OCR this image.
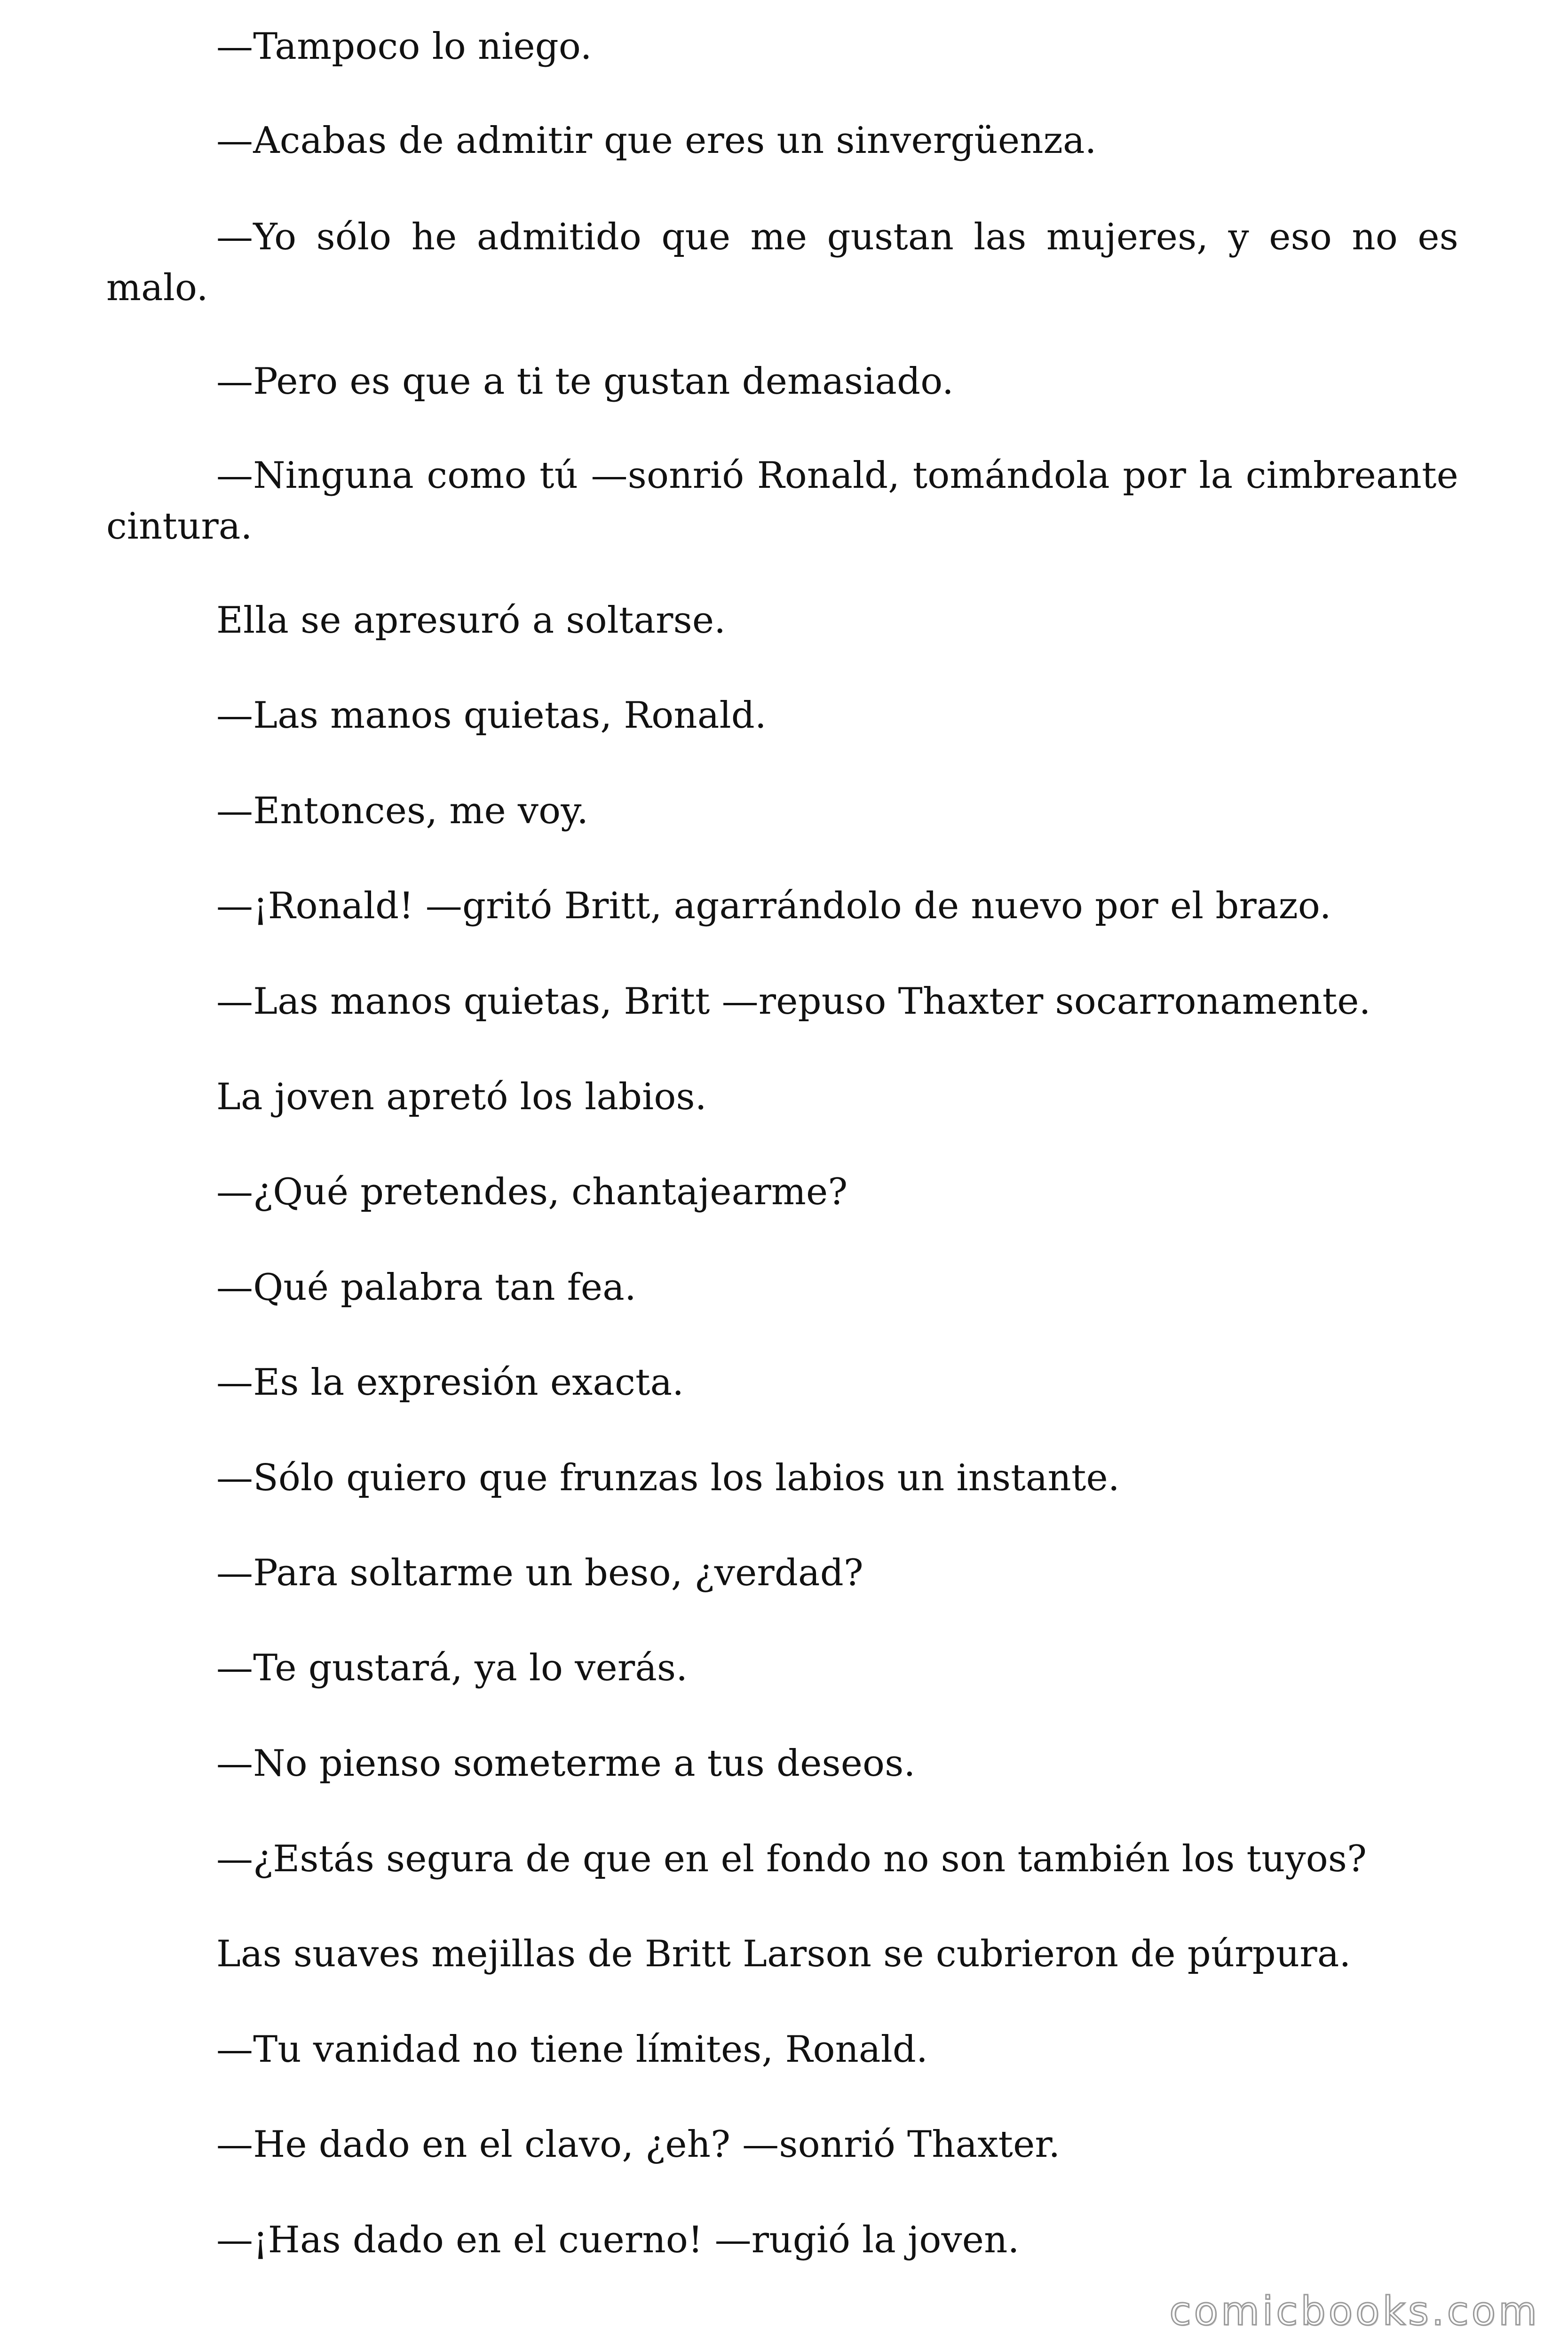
—Tampoco lo niego.

—Acabas de admitir que eres un sinvergüenza.

—Yo sólo he admitido que me gustan las mujeres, y eso no es malo.

—Pero es que a ti te gustan demasiado.

—Ninguna como tú —sonrió Ronald, tomándola por la cimbreante cintura.

Ella se apresuró a soltarse.

—Las manos quietas, Ronald.

—Entonces, me voy.

—¡Ronald! —gritó Britt, agarrándolo de nuevo por el brazo.

—Las manos quietas, Britt —repuso Thaxter socarronamente.

La joven apretó los labios.

—¿Qué pretendes, chantajearme?

—Qué palabra tan fea.

—Es la expresión exacta.

—Sólo quiero que frunzas los labios un instante.

—Para soltarme un beso, ¿verdad?

—Te gustará, ya lo verás.

—No pienso someterme a tus deseos.

—¿Estás segura de que en el fondo no son también los tuyos?

Las suaves mejillas de Britt Larson se cubrieron de púrpura.

—Tu vanidad no tiene límites, Ronald.

—He dado en el clavo, ¿eh? —sonrió Thaxter.

—¡Has dado en el cuerno! —rugió la joven.

comicbooks.com
